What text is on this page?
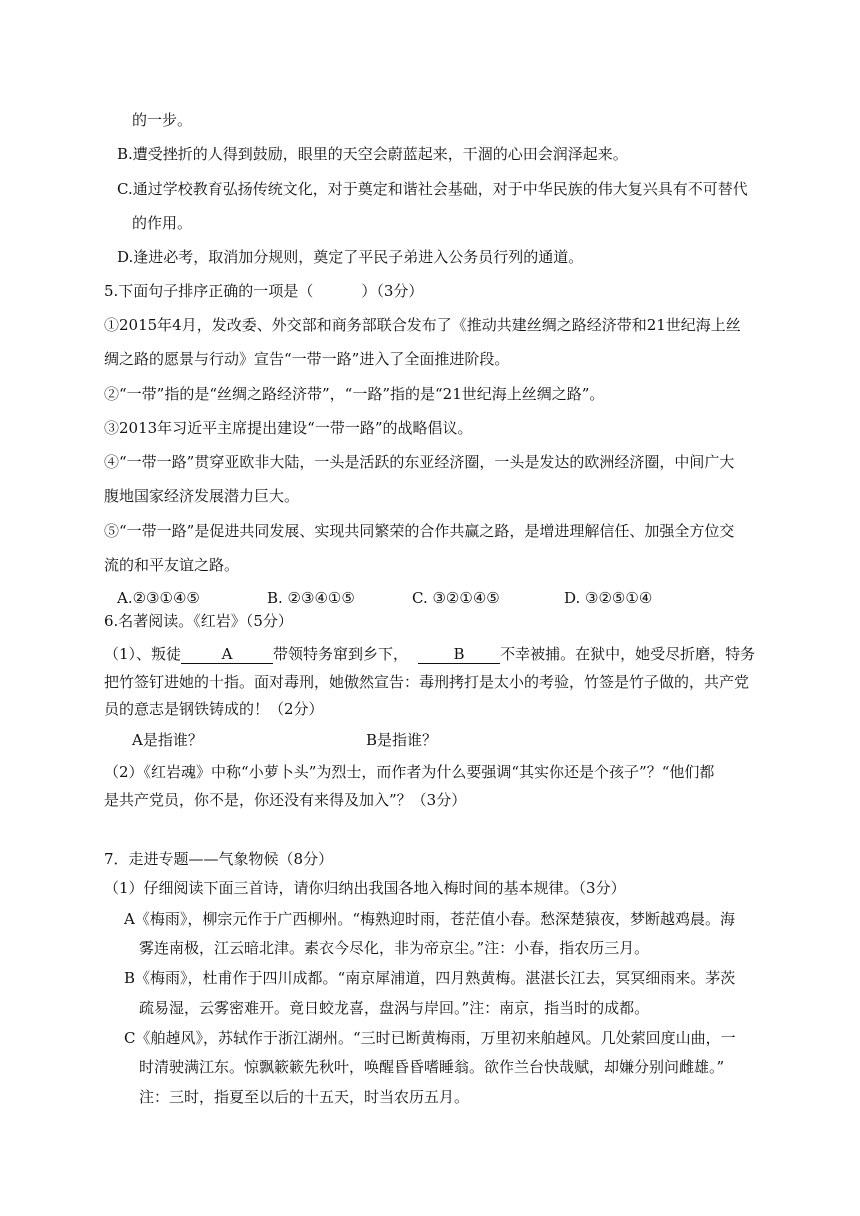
的一步。
B.遭受挫折的人得到鼓励，眼里的天空会蔚蓝起来，干涸的心田会润泽起来。
C.通过学校教育弘扬传统文化，对于奠定和谐社会基础，对于中华民族的伟大复兴具有不可替代
的作用。
D.逢进必考，取消加分规则，奠定了平民子弟进入公务员行列的通道。
5.下面句子排序正确的一项是（	）（3分）
①2015年4月，发改委、外交部和商务部联合发布了《推动共建丝绸之路经济带和21世纪海上丝
绸之路的愿景与行动》宣告“一带一路”进入了全面推进阶段。
②“一带”指的是“丝绸之路经济带”，“一路”指的是“21世纪海上丝绸之路”。
③2013年习近平主席提出建设“一带一路”的战略倡议。
④“一带一路”贯穿亚欧非大陆，一头是活跃的东亚经济圈，一头是发达的欧洲经济圈，中间广大
腹地国家经济发展潜力巨大。
⑤“一带一路”是促进共同发展、实现共同繁荣的合作共赢之路，是增进理解信任、加强全方位交
流的和平友谊之路。
A.②③①④⑤	B. ②③④①⑤	C. ③②①④⑤	D. ③②⑤①④
6.名著阅读。《红岩》（5分）
（1）、叛徒	A	带领特务窜到乡下，	B 不幸被捕。在狱中，她受尽折磨，特务
把竹签钉进她的十指。面对毒刑，她傲然宣告：毒刑拷打是太小的考验，竹签是竹子做的，共产党
员的意志是钢铁铸成的！（2分）
A是指谁？	B是指谁？
（2）《红岩魂》中称“小萝卜头”为烈士，而作者为什么要强调“其实你还是个孩子”？“他们都
是共产党员，你不是，你还没有来得及加入”？（3分）
7．走进专题——气象物候（8分）
（1）仔细阅读下面三首诗，请你归纳出我国各地入梅时间的基本规律。（3分）
A《梅雨》，柳宗元作于广西柳州。“梅熟迎时雨，苍茫值小春。愁深楚猿夜，梦断越鸡晨。海
雾连南极，江云暗北津。素衣今尽化，非为帝京尘。”注：小春，指农历三月。
B《梅雨》，杜甫作于四川成都。“南京犀浦道，四月熟黄梅。湛湛长江去，冥冥细雨来。茅茨
疏易湿，云雾密难开。竟日蛟龙喜，盘涡与岸回。”注：南京，指当时的成都。
C《舶趠风》，苏轼作于浙江湖州。“三时已断黄梅雨，万里初来舶趠风。几处萦回度山曲，一
时清驶满江东。惊飘簌簌先秋叶，唤醒昏昏嗜睡翁。欲作兰台快哉赋，却嫌分别问雌雄。”
注：三时，指夏至以后的十五天，时当农历五月。
